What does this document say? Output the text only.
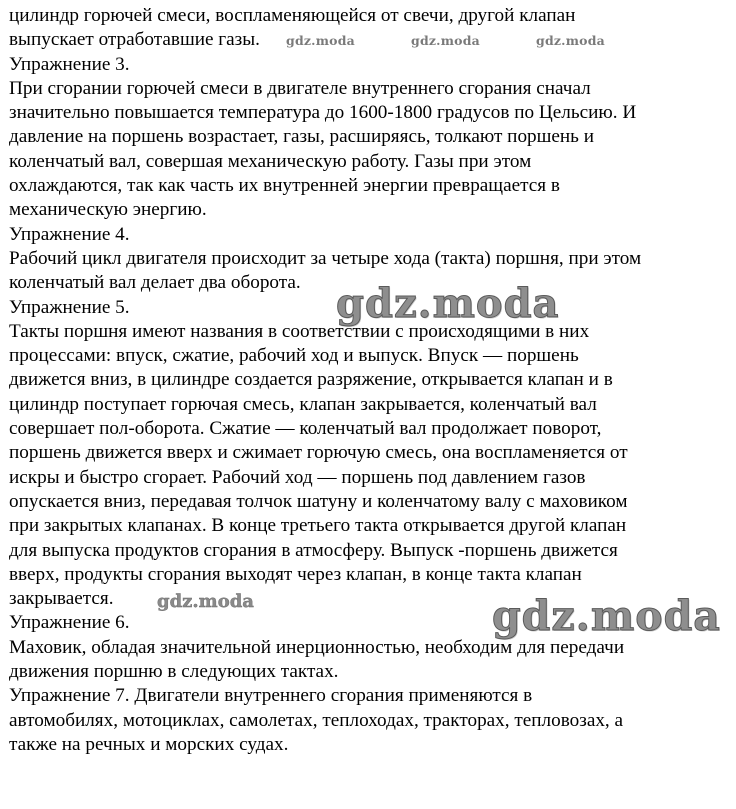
цилиндр горючей смеси, воспламеняющейся от свечи, другой клапан
выпускает отработавшие газы.
Упражнение 3.
При сгорании горючей смеси в двигателе внутреннего сгорания сначал
значительно повышается температура до 1600-1800 градусов по Цельсию. И
давление на поршень возрастает, газы, расширяясь, толкают поршень и
коленчатый вал, совершая механическую работу. Газы при этом
охлаждаются, так как часть их внутренней энергии превращается в
механическую энергию.
Упражнение 4.
Рабочий цикл двигателя происходит за четыре хода (такта) поршня, при этом
коленчатый вал делает два оборота.
Упражнение 5.
Такты поршня имеют названия в соответствии с происходящими в них
процессами: впуск, сжатие, рабочий ход и выпуск. Впуск — поршень
движется вниз, в цилиндре создается разряжение, открывается клапан и в
цилиндр поступает горючая смесь, клапан закрывается, коленчатый вал
совершает пол-оборота. Сжатие — коленчатый вал продолжает поворот,
поршень движется вверх и сжимает горючую смесь, она воспламеняется от
искры и быстро сгорает. Рабочий ход — поршень под давлением газов
опускается вниз, передавая толчок шатуну и коленчатому валу с маховиком
при закрытых клапанах. В конце третьего такта открывается другой клапан
для выпуска продуктов сгорания в атмосферу. Выпуск -поршень движется
вверх, продукты сгорания выходят через клапан, в конце такта клапан
закрывается.
Упражнение 6.
Маховик, обладая значительной инерционностью, необходим для передачи
движения поршню в следующих тактах.
Упражнение 7. Двигатели внутреннего сгорания применяются в
автомобилях, мотоциклах, самолетах, теплоходах, тракторах, тепловозах, а
также на речных и морских судах.
gdz.moda	gdz.moda	gdz.moda
gdz.moda
gdz.moda	gdz.moda
